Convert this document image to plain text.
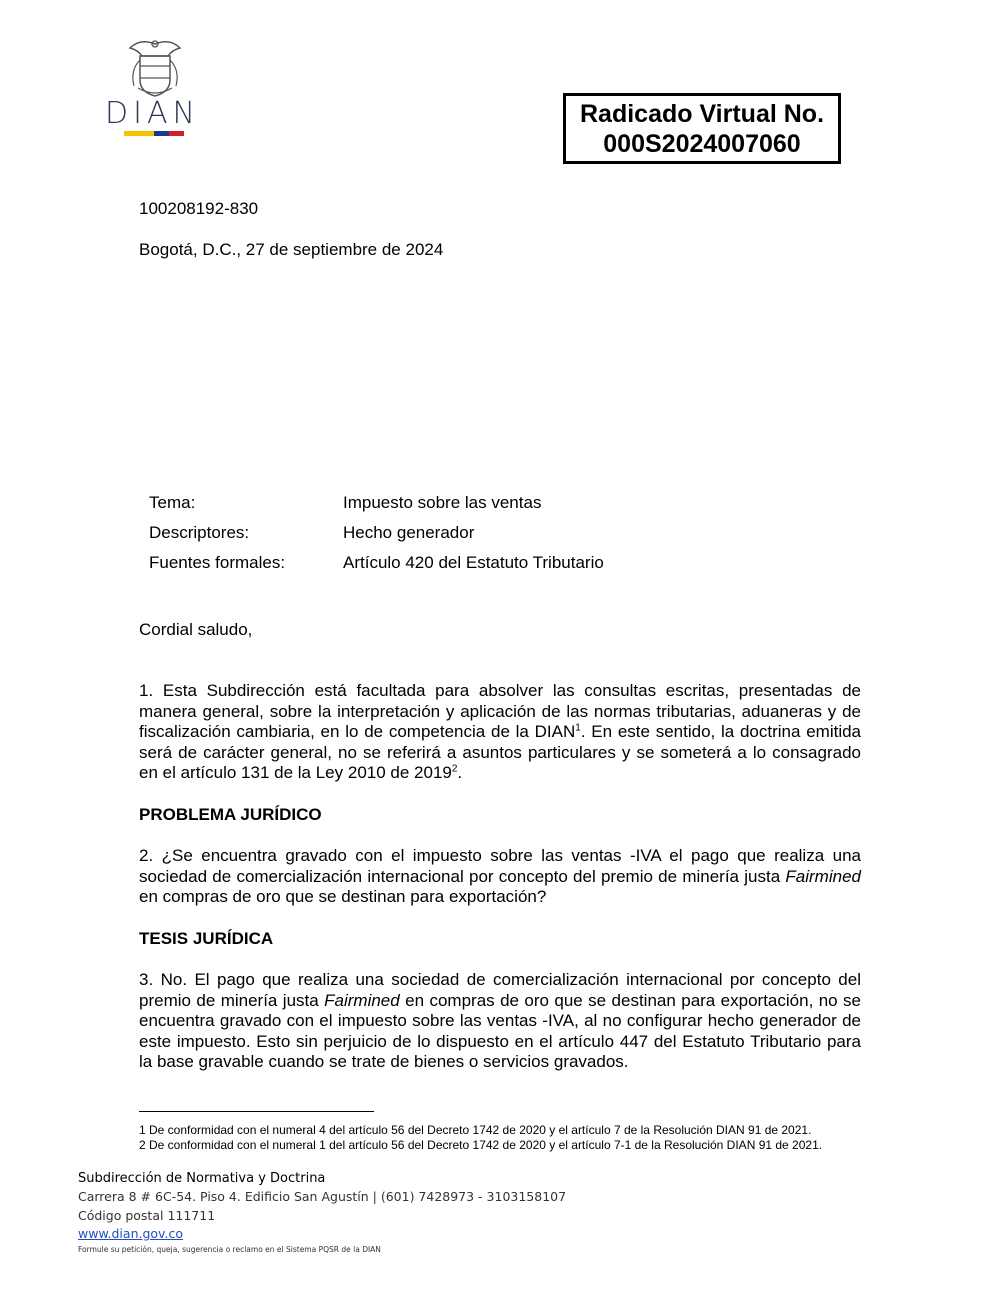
DIAN	Radicado Virtual No.
000S2024007060
100208192-830
Bogotá, D.C., 27 de septiembre de 2024
Tema:	Impuesto sobre las ventas
Descriptores:	Hecho generador
Fuentes formales:	Artículo 420 del Estatuto Tributario
Cordial saludo,
1. Esta Subdirección está facultada para absolver las consultas escritas, presentadas de manera general, sobre la interpretación y aplicación de las normas tributarias, aduaneras y de fiscalización cambiaria, en lo de competencia de la DIAN$^1$. En este sentido, la doctrina emitida será de carácter general, no se referirá a asuntos particulares y se someterá a lo consagrado en el artículo 131 de la Ley 2010 de 2019$^2$.
PROBLEMA JURÍDICO
2. ¿Se encuentra gravado con el impuesto sobre las ventas -IVA el pago que realiza una sociedad de comercialización internacional por concepto del premio de minería justa Fairmined en compras de oro que se destinan para exportación?
TESIS JURÍDICA
3. No. El pago que realiza una sociedad de comercialización internacional por concepto del premio de minería justa Fairmined en compras de oro que se destinan para exportación, no se encuentra gravado con el impuesto sobre las ventas -IVA, al no configurar hecho generador de este impuesto. Esto sin perjuicio de lo dispuesto en el artículo 447 del Estatuto Tributario para la base gravable cuando se trate de bienes o servicios gravados.
1 De conformidad con el numeral 4 del artículo 56 del Decreto 1742 de 2020 y el artículo 7 de la Resolución DIAN 91 de 2021.
2 De conformidad con el numeral 1 del artículo 56 del Decreto 1742 de 2020 y el artículo 7-1 de la Resolución DIAN 91 de 2021.
Subdirección de Normativa y Doctrina
Carrera 8 # 6C-54. Piso 4. Edificio San Agustín | (601) 7428973 - 3103158107
Código postal 111711
www.dian.gov.co
Formule su petición, queja, sugerencia o reclamo en el Sistema PQSR de la DIAN
